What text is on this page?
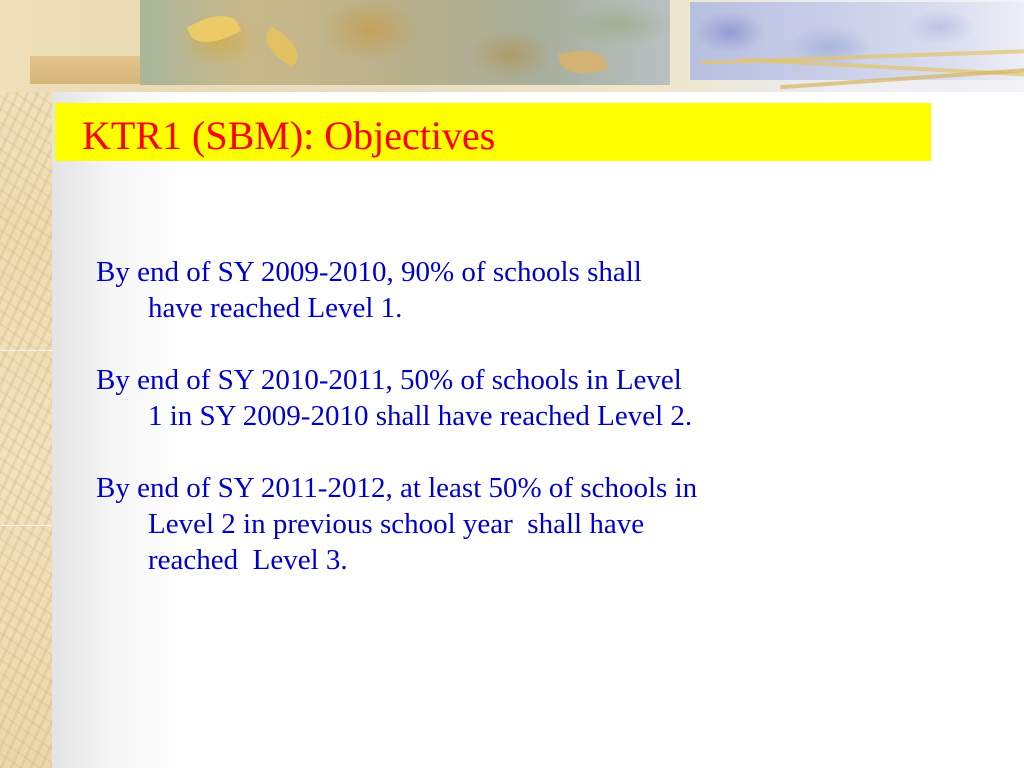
KTR1 (SBM): Objectives
By end of SY 2009-2010, 90% of schools shall
have reached Level 1.
By end of SY 2010-2011, 50% of schools in Level
1 in SY 2009-2010 shall have reached Level 2.
By end of SY 2011-2012, at least 50% of schools in
Level 2 in previous school year  shall have
reached  Level 3.
